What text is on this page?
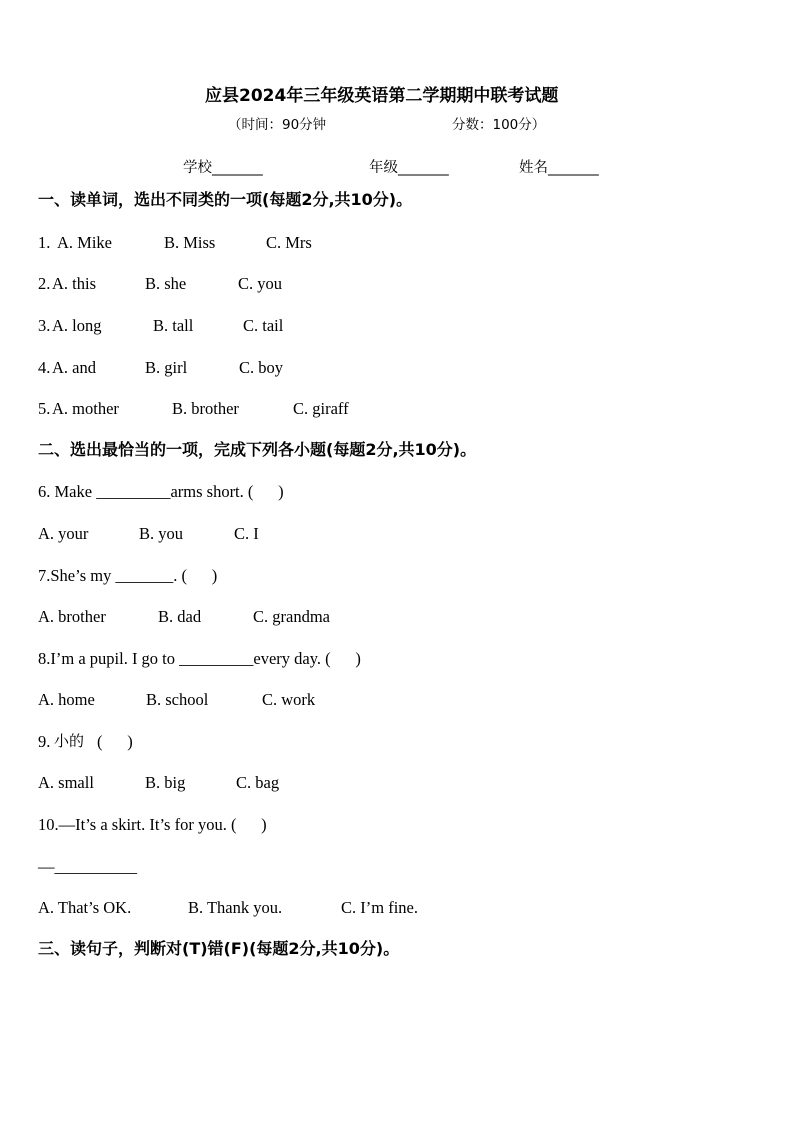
应县2024年三年级英语第二学期期中联考试题
（时间：90分钟	分数：100分）
学校_______	年级_______	姓名_______
一、读单词，选出不同类的一项(每题2分,共10分)。
1. A. Mike	B. Miss	C. Mrs
2. A. this	B. she	C. you
3. A. long	B. tall	C. tail
4. A. and	B. girl	C. boy
5. A. mother	B. brother	C. giraff
二、选出最恰当的一项，完成下列各小题(每题2分,共10分)。
6. Make _________arms short. (      )
A. your	B. you	C. I
7.She’s my _______. (      )
A. brother	B. dad	C. grandma
8.I’m a pupil. I go to _________every day. (      )
A. home	B. school	C. work
9. 小的 (      )
A. small	B. big	C. bag
10.—It’s a skirt. It’s for you. (      )
—__________
A. That’s OK.	B. Thank you.	C. I’m fine.
三、读句子，判断对(T)错(F)(每题2分,共10分)。
